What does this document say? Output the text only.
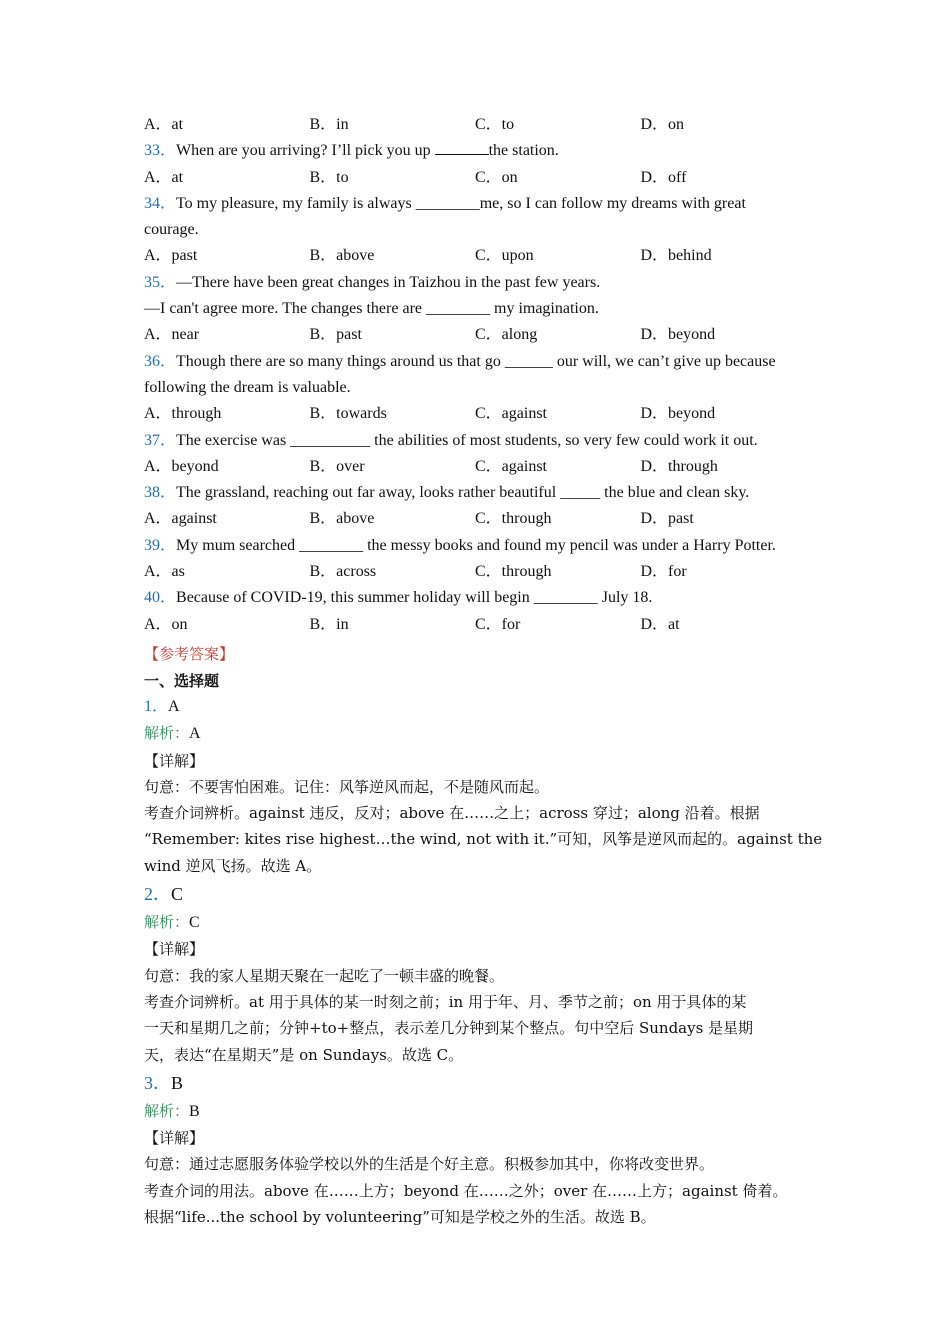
A．at	B．in	C．to	D．on
33．When are you arriving? I’ll pick you up	the station.
A．at	B．to	C．on	D．off
34．To my pleasure, my family is always ________me, so I can follow my dreams with great
courage.
A．past	B．above	C．upon	D．behind
35．—There have been great changes in Taizhou in the past few years.
—I can't agree more. The changes there are ________ my imagination.
A．near	B．past	C．along	D．beyond
36．Though there are so many things around us that go ______ our will, we can’t give up because
following the dream is valuable.
A．through	B．towards	C．against	D．beyond
37．The exercise was __________ the abilities of most students, so very few could work it out.
A．beyond	B．over	C．against	D．through
38．The grassland, reaching out far away, looks rather beautiful _____ the blue and clean sky.
A．against	B．above	C．through	D．past
39．My mum searched ________ the messy books and found my pencil was under a Harry Potter.
A．as	B．across	C．through	D．for
40．Because of COVID-19, this summer holiday will begin ________ July 18.
A．on	B．in	C．for	D．at
【参考答案】
一、选择题
1．A
解析：A
【详解】
句意：不要害怕困难。记住：风筝逆风而起，不是随风而起。
考查介词辨析。against 违反，反对；above 在……之上；across 穿过；along 沿着。根据
“Remember: kites rise highest…the wind, not with it.”可知，风筝是逆风而起的。against the
wind 逆风飞扬。故选 A。
2．C
解析：C
【详解】
句意：我的家人星期天聚在一起吃了一顿丰盛的晚餐。
考查介词辨析。at 用于具体的某一时刻之前；in 用于年、月、季节之前；on 用于具体的某
一天和星期几之前；分钟+to+整点，表示差几分钟到某个整点。句中空后 Sundays 是星期
天，表达“在星期天”是 on Sundays。故选 C。
3．B
解析：B
【详解】
句意：通过志愿服务体验学校以外的生活是个好主意。积极参加其中，你将改变世界。
考查介词的用法。above 在……上方；beyond 在……之外；over 在……上方；against 倚着。
根据“life...the school by volunteering”可知是学校之外的生活。故选 B。
